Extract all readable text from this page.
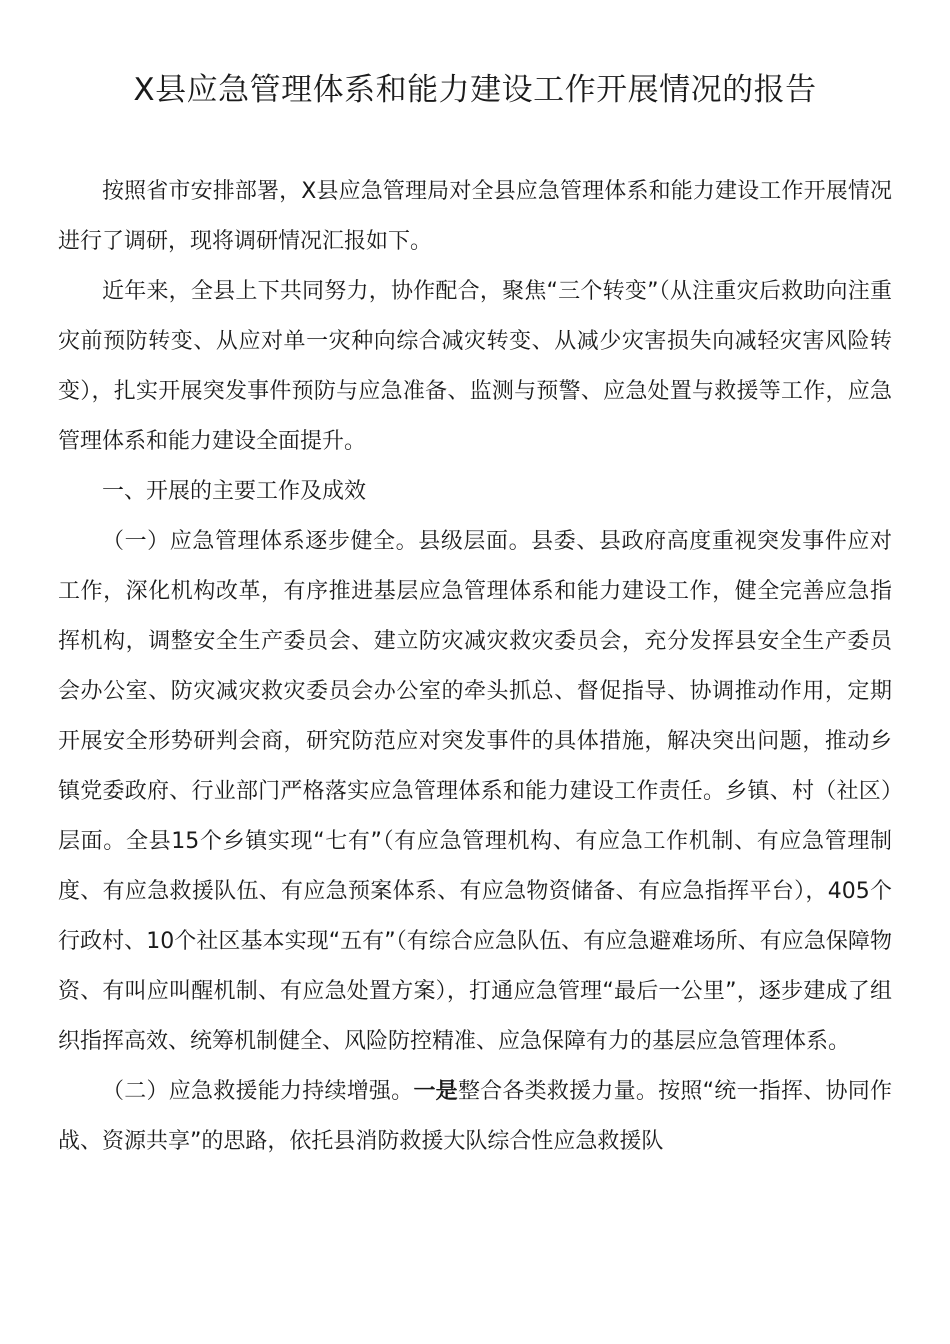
X县应急管理体系和能力建设工作开展情况的报告

按照省市安排部署，X县应急管理局对全县应急管理体系和能力建设工作开展情况进行了调研，现将调研情况汇报如下。

近年来，全县上下共同努力，协作配合，聚焦“三个转变”（从注重灾后救助向注重灾前预防转变、从应对单一灾种向综合减灾转变、从减少灾害损失向减轻灾害风险转变），扎实开展突发事件预防与应急准备、监测与预警、应急处置与救援等工作，应急管理体系和能力建设全面提升。

一、开展的主要工作及成效

（一）应急管理体系逐步健全。县级层面。县委、县政府高度重视突发事件应对工作，深化机构改革，有序推进基层应急管理体系和能力建设工作，健全完善应急指挥机构，调整安全生产委员会、建立防灾减灾救灾委员会，充分发挥县安全生产委员会办公室、防灾减灾救灾委员会办公室的牵头抓总、督促指导、协调推动作用，定期开展安全形势研判会商，研究防范应对突发事件的具体措施，解决突出问题，推动乡镇党委政府、行业部门严格落实应急管理体系和能力建设工作责任。乡镇、村（社区）层面。全县15个乡镇实现“七有”（有应急管理机构、有应急工作机制、有应急管理制度、有应急救援队伍、有应急预案体系、有应急物资储备、有应急指挥平台），405个行政村、10个社区基本实现“五有”（有综合应急队伍、有应急避难场所、有应急保障物资、有叫应叫醒机制、有应急处置方案），打通应急管理“最后一公里”，逐步建成了组织指挥高效、统筹机制健全、风险防控精准、应急保障有力的基层应急管理体系。

（二）应急救援能力持续增强。一是整合各类救援力量。按照“统一指挥、协同作战、资源共享”的思路，依托县消防救援大队综合性应急救援队
